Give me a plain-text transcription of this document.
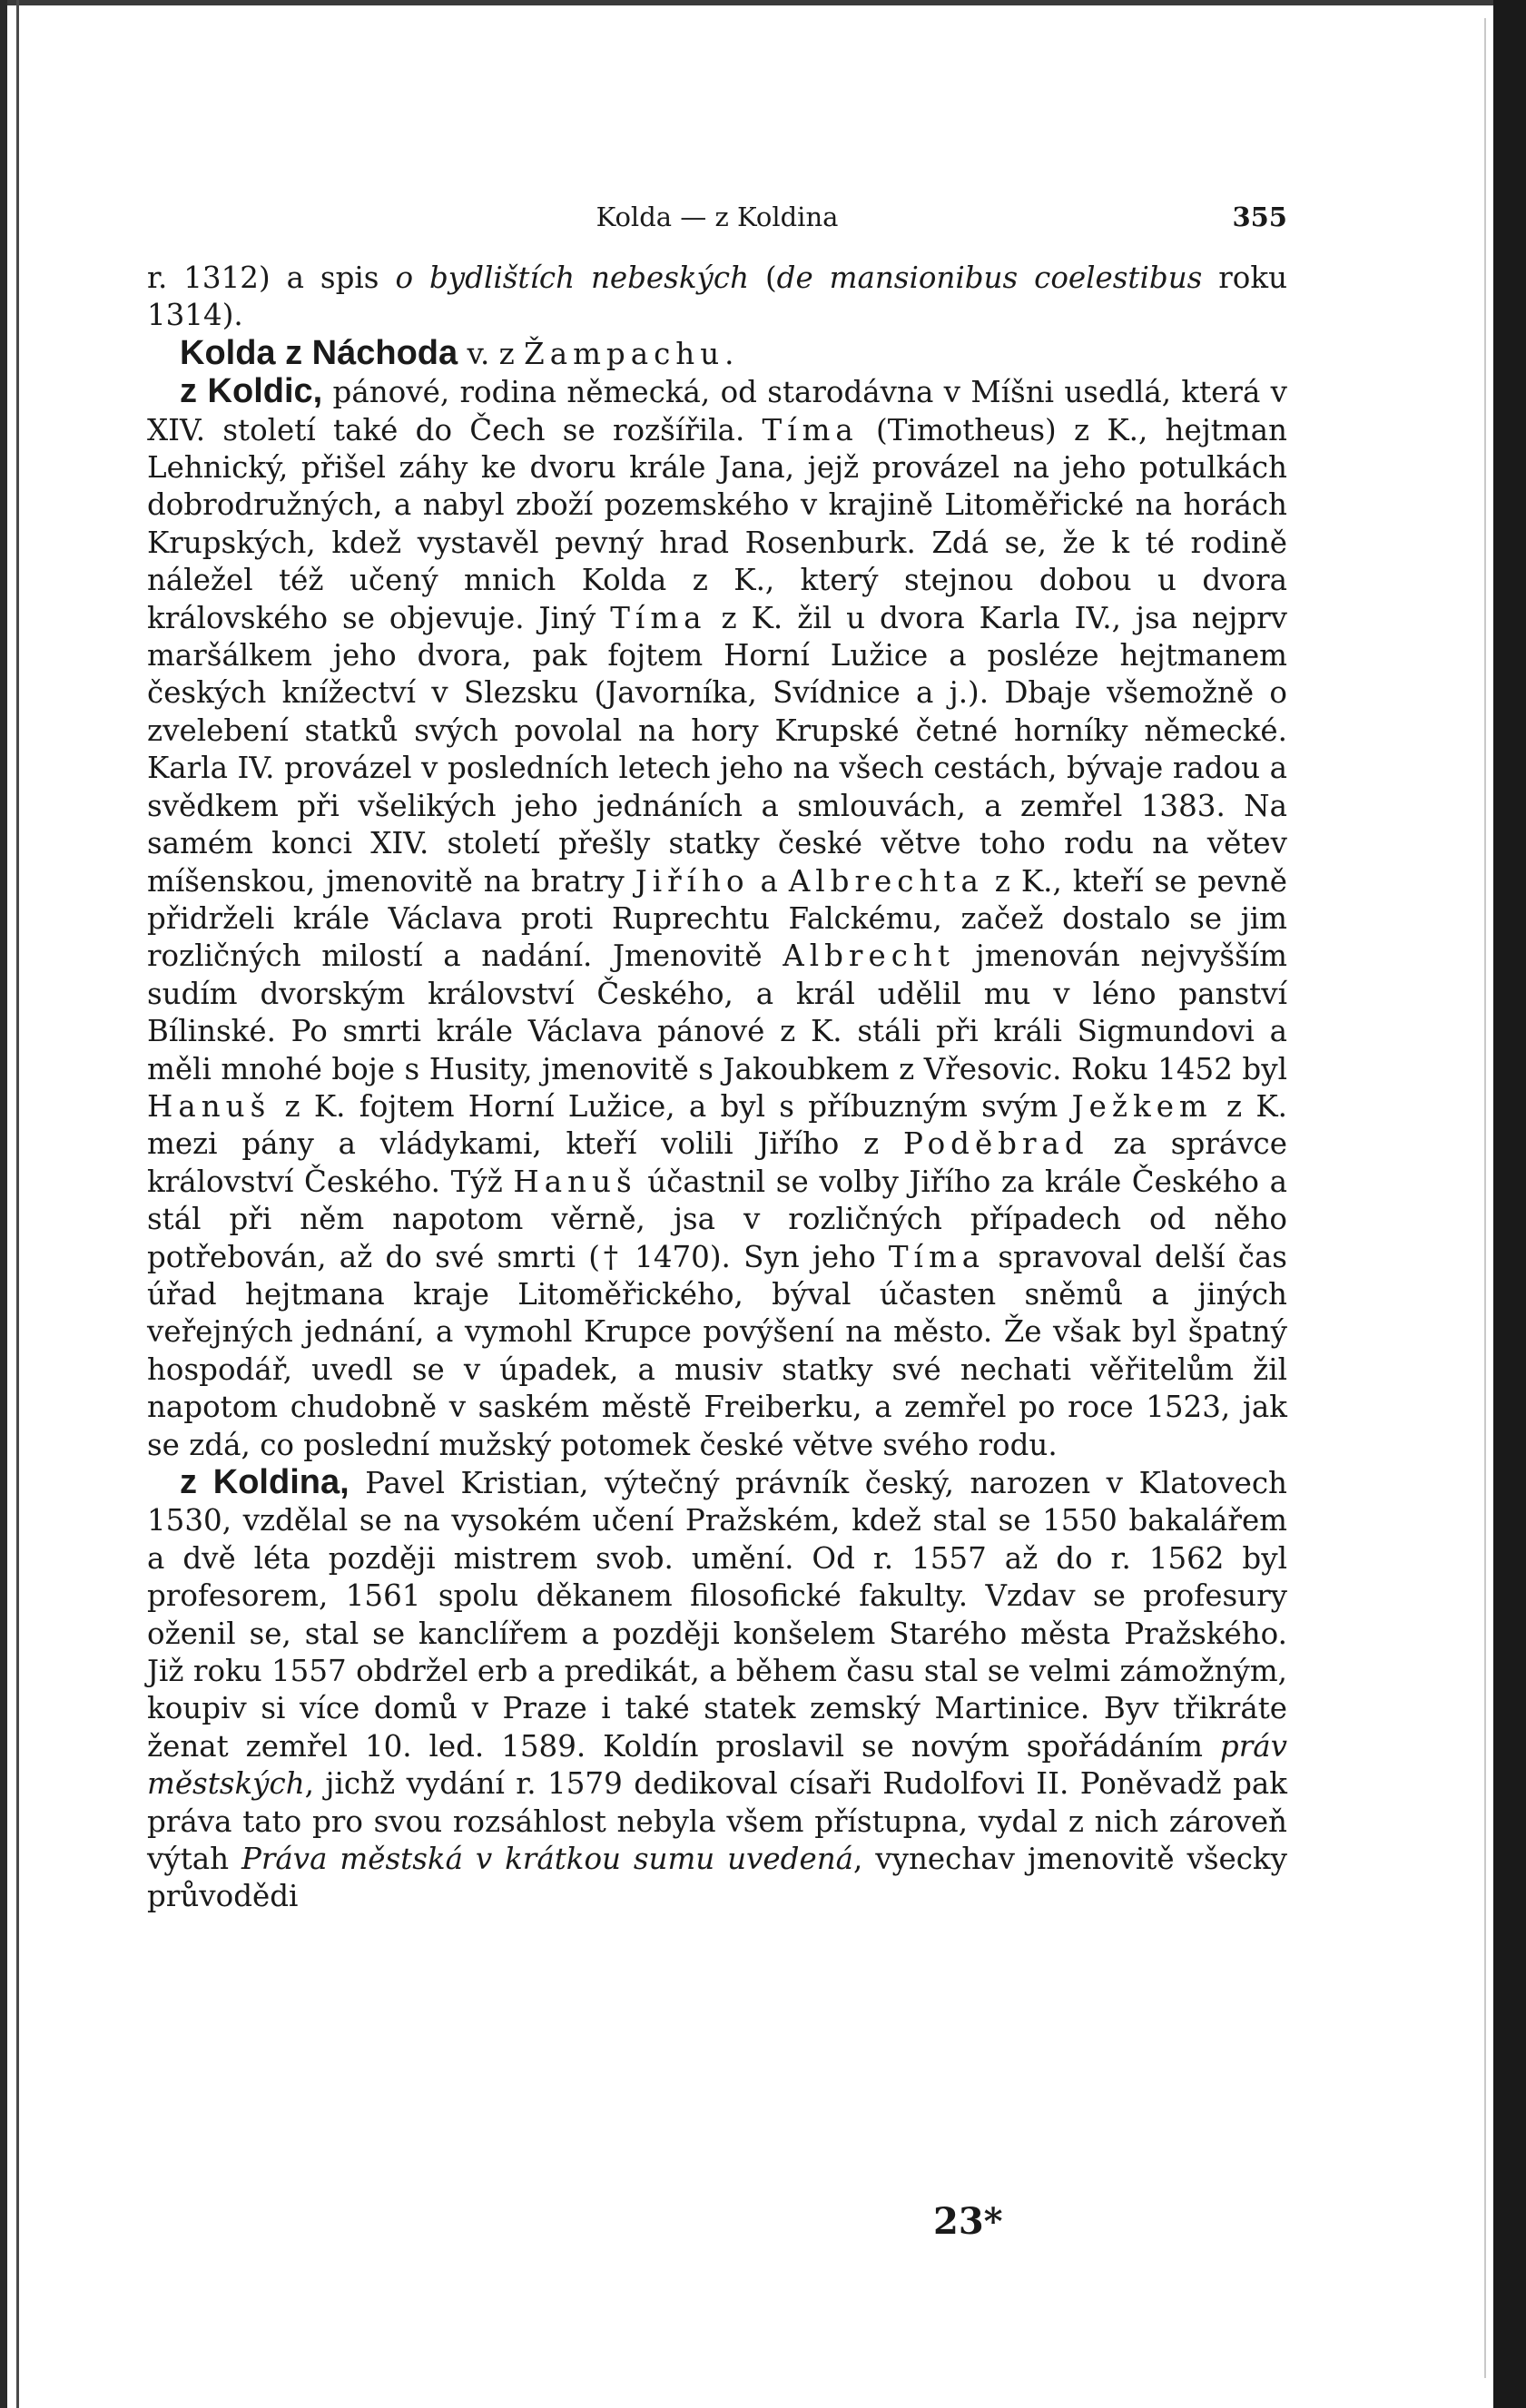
Kolda — z Koldina	355

r. 1312) a spis o bydlištích nebeských (de mansionibus coelestibus roku 1314).

Kolda z Náchoda v. z Žampachu.

z Koldic, pánové, rodina německá, od starodávna v Míšni usedlá, která v XIV. století také do Čech se rozšířila. Tíma (Timotheus) z K., hejtman Lehnický, přišel záhy ke dvoru krále Jana, jejž provázel na jeho potulkách dobrodružných, a nabyl zboží pozemského v krajině Litoměřické na horách Krupských, kdež vystavěl pevný hrad Rosenburk. Zdá se, že k té rodině náležel též učený mnich Kolda z K., který stejnou dobou u dvora královského se objevuje. Jiný Tíma z K. žil u dvora Karla IV., jsa nejprv maršálkem jeho dvora, pak fojtem Horní Lužice a posléze hejtmanem českých knížectví v Slezsku (Javorníka, Svídnice a j.). Dbaje všemožně o zvelebení statků svých povolal na hory Krupské četné horníky německé. Karla IV. provázel v posledních letech jeho na všech cestách, bývaje radou a svědkem při všelikých jeho jednáních a smlouvách, a zemřel 1383. Na samém konci XIV. století přešly statky české větve toho rodu na větev míšenskou, jmenovitě na bratry Jiřího a Albrechta z K., kteří se pevně přidrželi krále Václava proti Ruprechtu Falckému, začež dostalo se jim rozličných milostí a nadání. Jmenovitě Albrecht jmenován nejvyšším sudím dvorským království Českého, a král udělil mu v léno panství Bílinské. Po smrti krále Václava pánové z K. stáli při králi Sigmundovi a měli mnohé boje s Husity, jmenovitě s Jakoubkem z Vřesovic. Roku 1452 byl Hanuš z K. fojtem Horní Lužice, a byl s příbuzným svým Ježkem z K. mezi pány a vládykami, kteří volili Jiřího z Poděbrad za správce království Českého. Týž Hanuš účastnil se volby Jiřího za krále Českého a stál při něm napotom věrně, jsa v rozličných případech od něho potřebován, až do své smrti († 1470). Syn jeho Tíma spravoval delší čas úřad hejtmana kraje Litoměřického, býval účasten sněmů a jiných veřejných jednání, a vymohl Krupce povýšení na město. Že však byl špatný hospodář, uvedl se v úpadek, a musiv statky své nechati věřitelům žil napotom chudobně v saském městě Freiberku, a zemřel po roce 1523, jak se zdá, co poslední mužský potomek české větve svého rodu.

z Koldina, Pavel Kristian, výtečný právník český, narozen v Klatovech 1530, vzdělal se na vysokém učení Pražském, kdež stal se 1550 bakalářem a dvě léta později mistrem svob. umění. Od r. 1557 až do r. 1562 byl profesorem, 1561 spolu děkanem filosofické fakulty. Vzdav se profesury oženil se, stal se kanclířem a později konšelem Starého města Pražského. Již roku 1557 obdržel erb a predikát, a během času stal se velmi zámožným, koupiv si více domů v Praze i také statek zemský Martinice. Byv třikráte ženat zemřel 10. led. 1589. Koldín proslavil se novým spořádáním práv městských, jichž vydání r. 1579 dedikoval císaři Rudolfovi II. Poněvadž pak práva tato pro svou rozsáhlost nebyla všem přístupna, vydal z nich zároveň výtah Práva městská v krátkou sumu uvedená, vynechav jmenovitě všecky průvodědi

23*
